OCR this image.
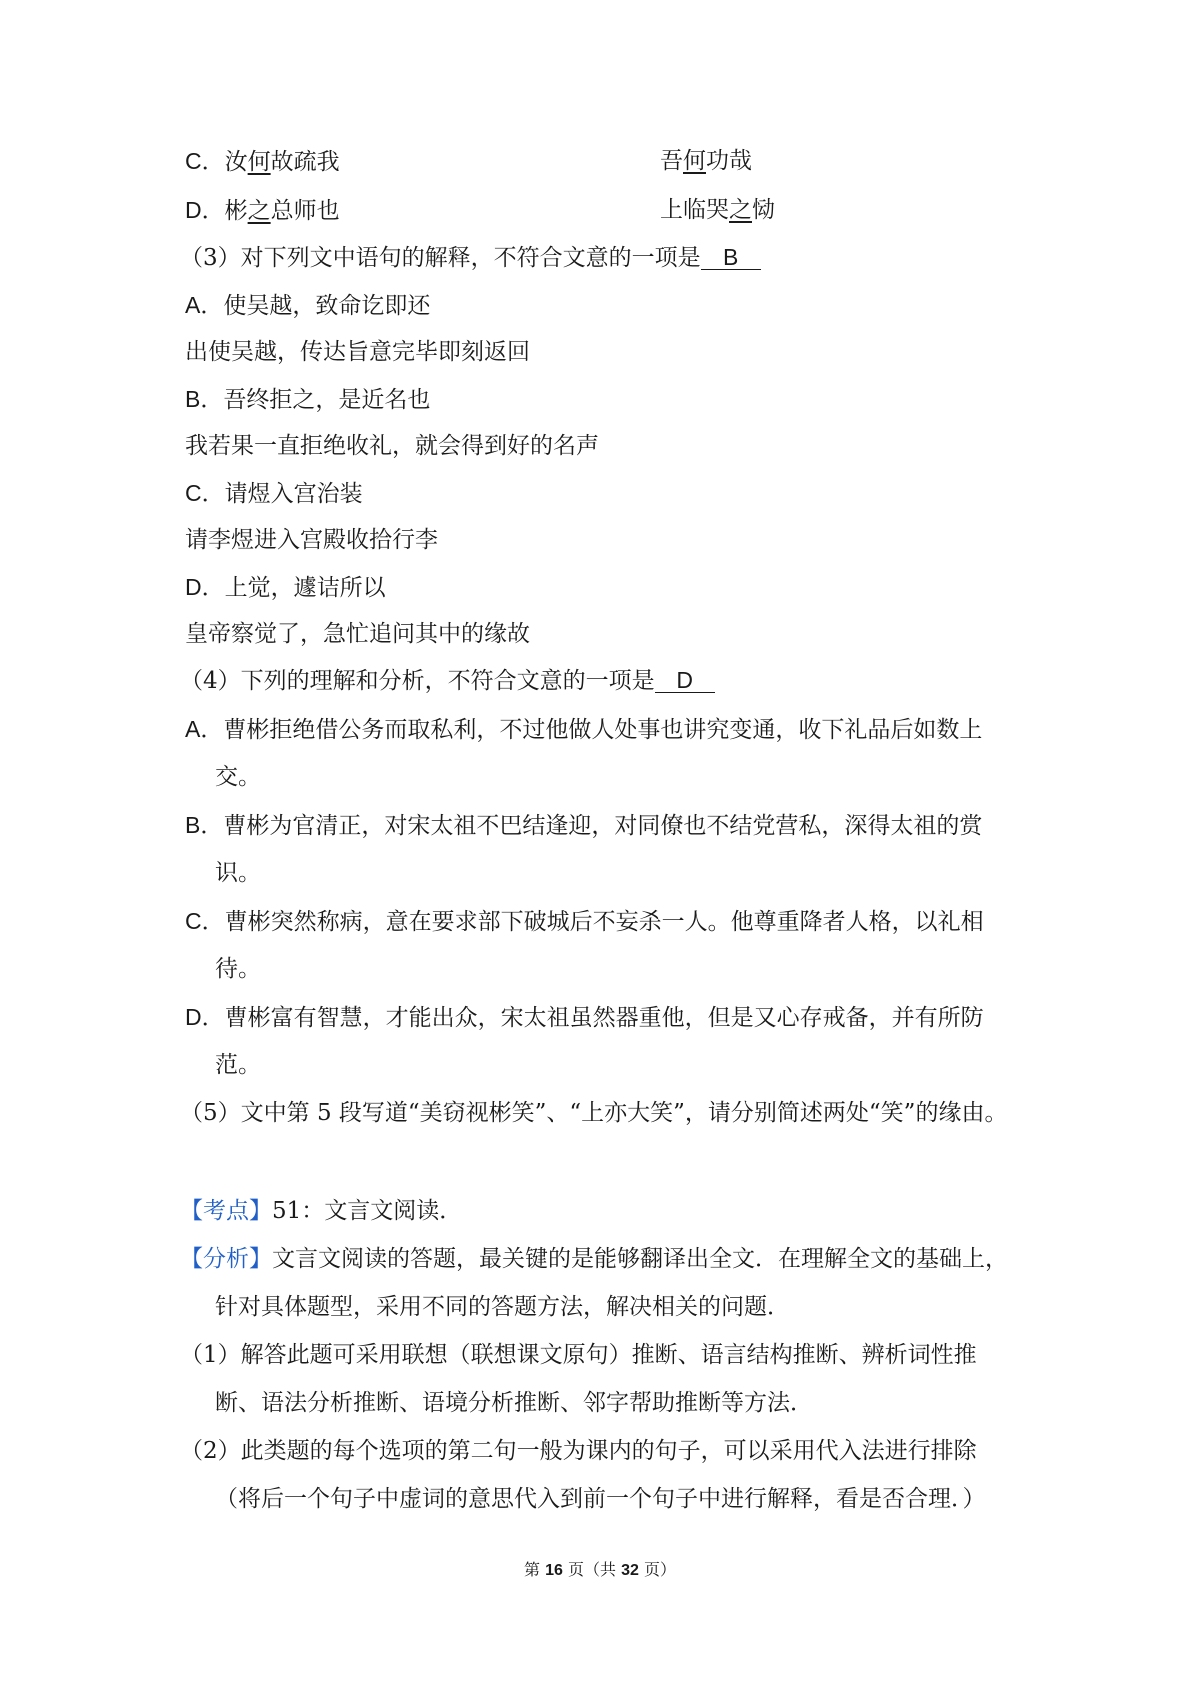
C．汝何故疏我	吾何功哉
D．彬之总师也	上临哭之恸
（3）对下列文中语句的解释，不符合文意的一项是 B
A．使吴越，致命讫即还
出使吴越，传达旨意完毕即刻返回
B．吾终拒之，是近名也
我若果一直拒绝收礼，就会得到好的名声
C．请煜入宫治装
请李煜进入宫殿收拾行李
D．上觉，遽诘所以
皇帝察觉了，急忙追问其中的缘故
（4）下列的理解和分析，不符合文意的一项是 D
A．曹彬拒绝借公务而取私利，不过他做人处事也讲究变通，收下礼品后如数上
交。
B．曹彬为官清正，对宋太祖不巴结逢迎，对同僚也不结党营私，深得太祖的赏
识。
C．曹彬突然称病，意在要求部下破城后不妄杀一人。他尊重降者人格，以礼相
待。
D．曹彬富有智慧，才能出众，宋太祖虽然器重他，但是又心存戒备，并有所防
范。
（5）文中第 5 段写道“美窃视彬笑”、“上亦大笑”，请分别简述两处“笑”的缘由。
【考点】51：文言文阅读．
【分析】文言文阅读的答题，最关键的是能够翻译出全文．在理解全文的基础上，
针对具体题型，采用不同的答题方法，解决相关的问题．
（1）解答此题可采用联想（联想课文原句）推断、语言结构推断、辨析词性推
断、语法分析推断、语境分析推断、邻字帮助推断等方法．
（2）此类题的每个选项的第二句一般为课内的句子，可以采用代入法进行排除
（将后一个句子中虚词的意思代入到前一个句子中进行解释，看是否合理．）
第 16 页（共 32 页）
